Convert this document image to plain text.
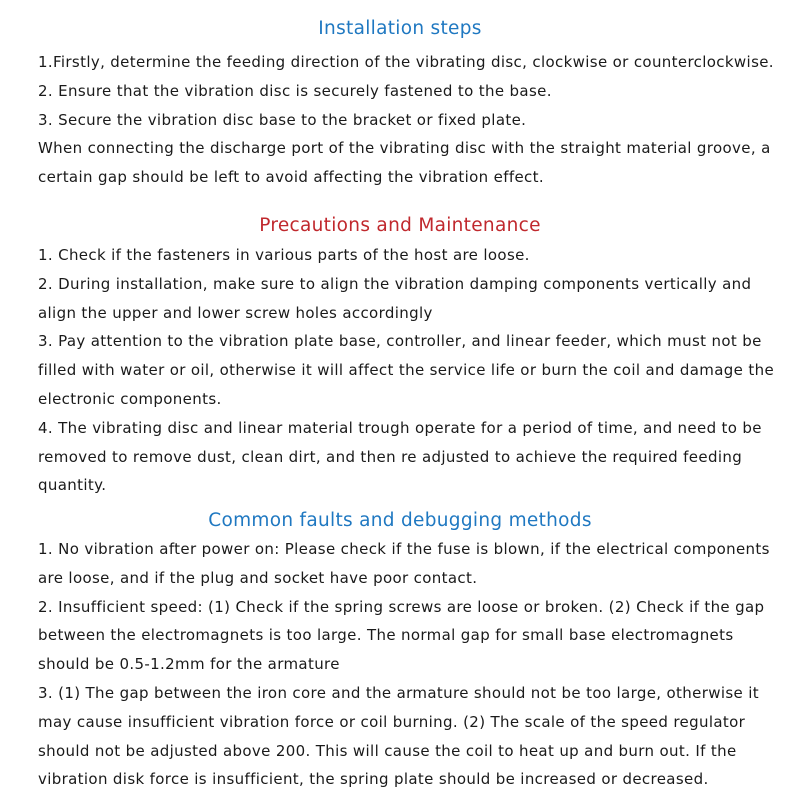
Installation steps

1.Firstly, determine the feeding direction of the vibrating disc, clockwise or counterclockwise.

2. Ensure that the vibration disc is securely fastened to the base.

3. Secure the vibration disc base to the bracket or fixed plate.

When connecting the discharge port of the vibrating disc with the straight material groove, a certain gap should be left to avoid affecting the vibration effect.

Precautions and Maintenance

1. Check if the fasteners in various parts of the host are loose.

2. During installation, make sure to align the vibration damping components vertically and align the upper and lower screw holes accordingly

3. Pay attention to the vibration plate base, controller, and linear feeder, which must not be filled with water or oil, otherwise it will affect the service life or burn the coil and damage the electronic components.

4. The vibrating disc and linear material trough operate for a period of time, and need to be removed to remove dust, clean dirt, and then re adjusted to achieve the required feeding quantity.

Common faults and debugging methods

1. No vibration after power on: Please check if the fuse is blown, if the electrical components are loose, and if the plug and socket have poor contact.

2. Insufficient speed: (1) Check if the spring screws are loose or broken. (2) Check if the gap between the electromagnets is too large. The normal gap for small base electromagnets should be 0.5-1.2mm for the armature

3. (1) The gap between the iron core and the armature should not be too large, otherwise it may cause insufficient vibration force or coil burning. (2) The scale of the speed regulator should not be adjusted above 200. This will cause the coil to heat up and burn out. If the vibration disk force is insufficient, the spring plate should be increased or decreased.
